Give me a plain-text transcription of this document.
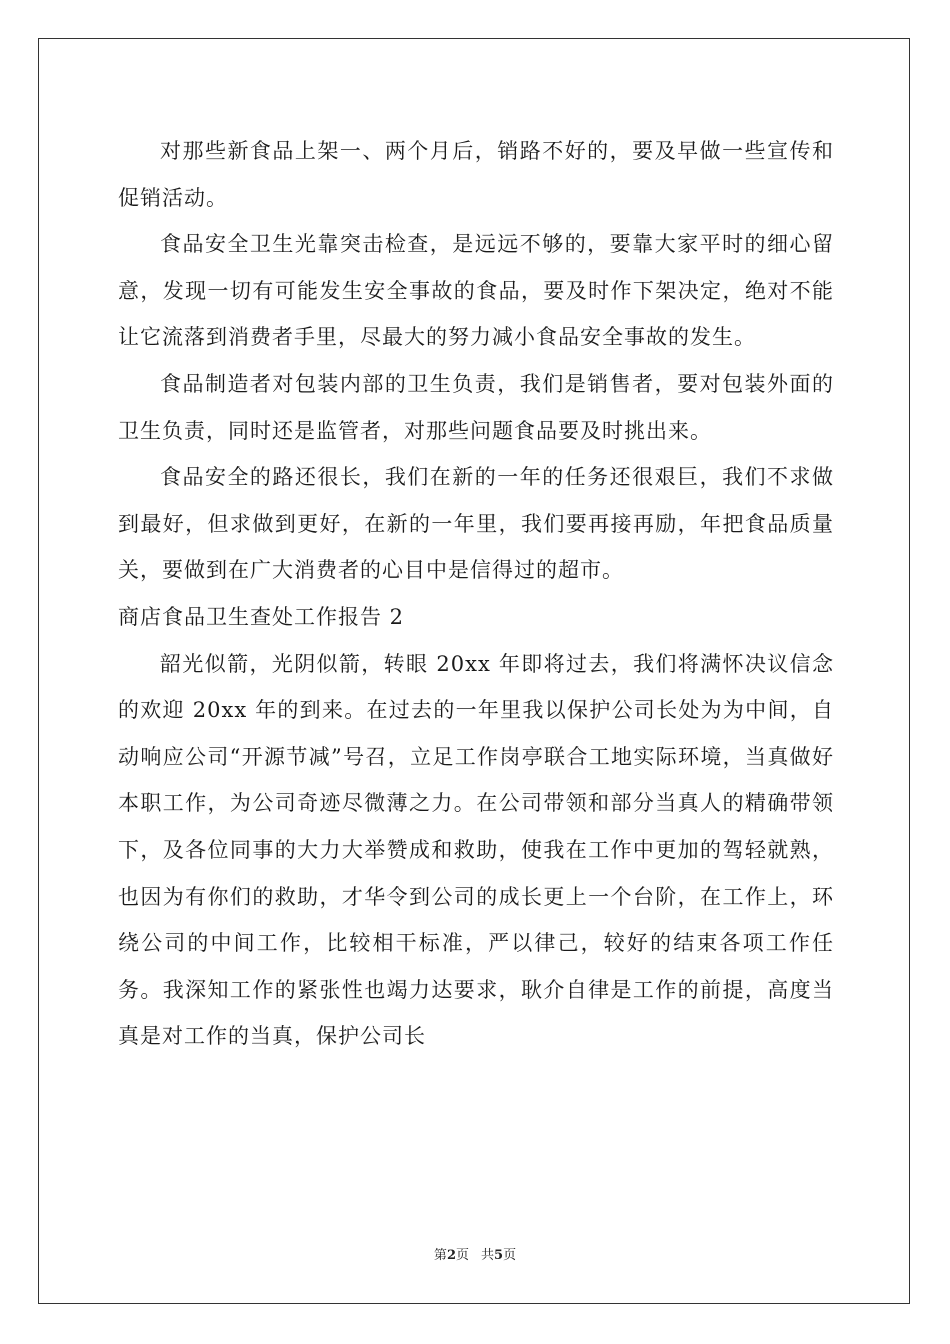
对那些新食品上架一、两个月后，销路不好的，要及早做一些宣传和促销活动。

食品安全卫生光靠突击检查，是远远不够的，要靠大家平时的细心留意，发现一切有可能发生安全事故的食品，要及时作下架决定，绝对不能让它流落到消费者手里，尽最大的努力减小食品安全事故的发生。

食品制造者对包装内部的卫生负责，我们是销售者，要对包装外面的卫生负责，同时还是监管者，对那些问题食品要及时挑出来。

食品安全的路还很长，我们在新的一年的任务还很艰巨，我们不求做到最好，但求做到更好，在新的一年里，我们要再接再励，年把食品质量关，要做到在广大消费者的心目中是信得过的超市。

商店食品卫生查处工作报告 2

韶光似箭，光阴似箭，转眼 20xx 年即将过去，我们将满怀决议信念的欢迎 20xx 年的到来。在过去的一年里我以保护公司长处为为中间，自动响应公司“开源节减”号召，立足工作岗亭联合工地实际环境，当真做好本职工作，为公司奇迹尽微薄之力。在公司带领和部分当真人的精确带领下，及各位同事的大力大举赞成和救助，使我在工作中更加的驾轻就熟，也因为有你们的救助，才华令到公司的成长更上一个台阶，在工作上，环绕公司的中间工作，比较相干标准，严以律己，较好的结束各项工作任务。我深知工作的紧张性也竭力达要求，耿介自律是工作的前提，高度当真是对工作的当真，保护公司长

第2页 共5页
